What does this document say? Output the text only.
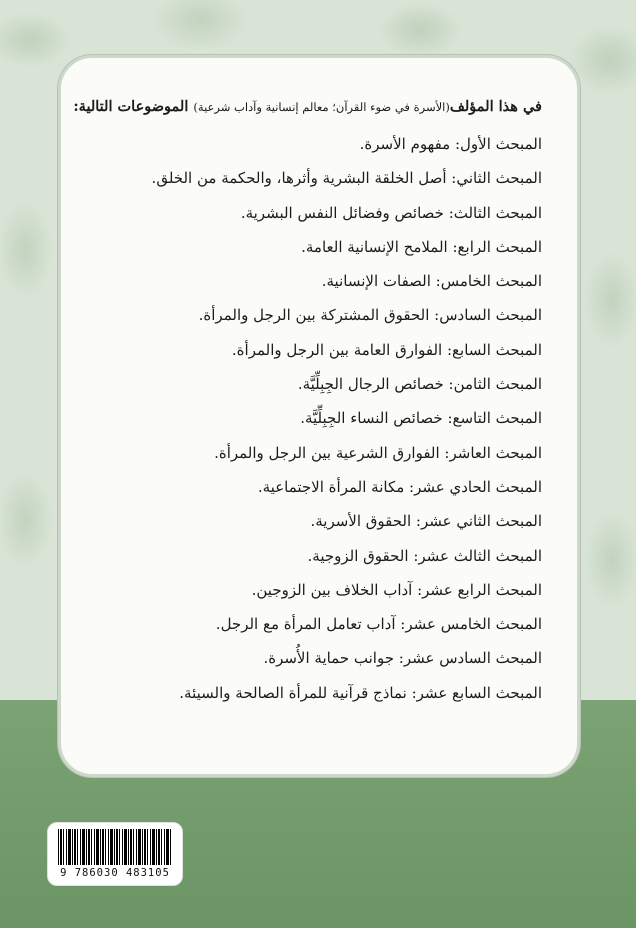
في هذا المؤلف(الأسرة في ضوء القرآن؛ معالم إنسانية وآداب شرعية) الموضوعات التالية:

المبحث الأول: مفهوم الأسرة.
المبحث الثاني: أصل الخلقة البشرية وأثرها، والحكمة من الخلق.
المبحث الثالث: خصائص وفضائل النفس البشرية.
المبحث الرابع: الملامح الإنسانية العامة.
المبحث الخامس: الصفات الإنسانية.
المبحث السادس: الحقوق المشتركة بين الرجل والمرأة.
المبحث السابع: الفوارق العامة بين الرجل والمرأة.
المبحث الثامن: خصائص الرجال الجِبِلِّيَّة.
المبحث التاسع: خصائص النساء الجِبِلِّيَّة.
المبحث العاشر: الفوارق الشرعية بين الرجل والمرأة.
المبحث الحادي عشر: مكانة المرأة الاجتماعية.
المبحث الثاني عشر: الحقوق الأسرية.
المبحث الثالث عشر: الحقوق الزوجية.
المبحث الرابع عشر: آداب الخلاف بين الزوجين.
المبحث الخامس عشر: آداب تعامل المرأة مع الرجل.
المبحث السادس عشر: جوانب حماية الأُسرة.
المبحث السابع عشر: نماذج قرآنية للمرأة الصالحة والسيئة.
9 786030 483105
